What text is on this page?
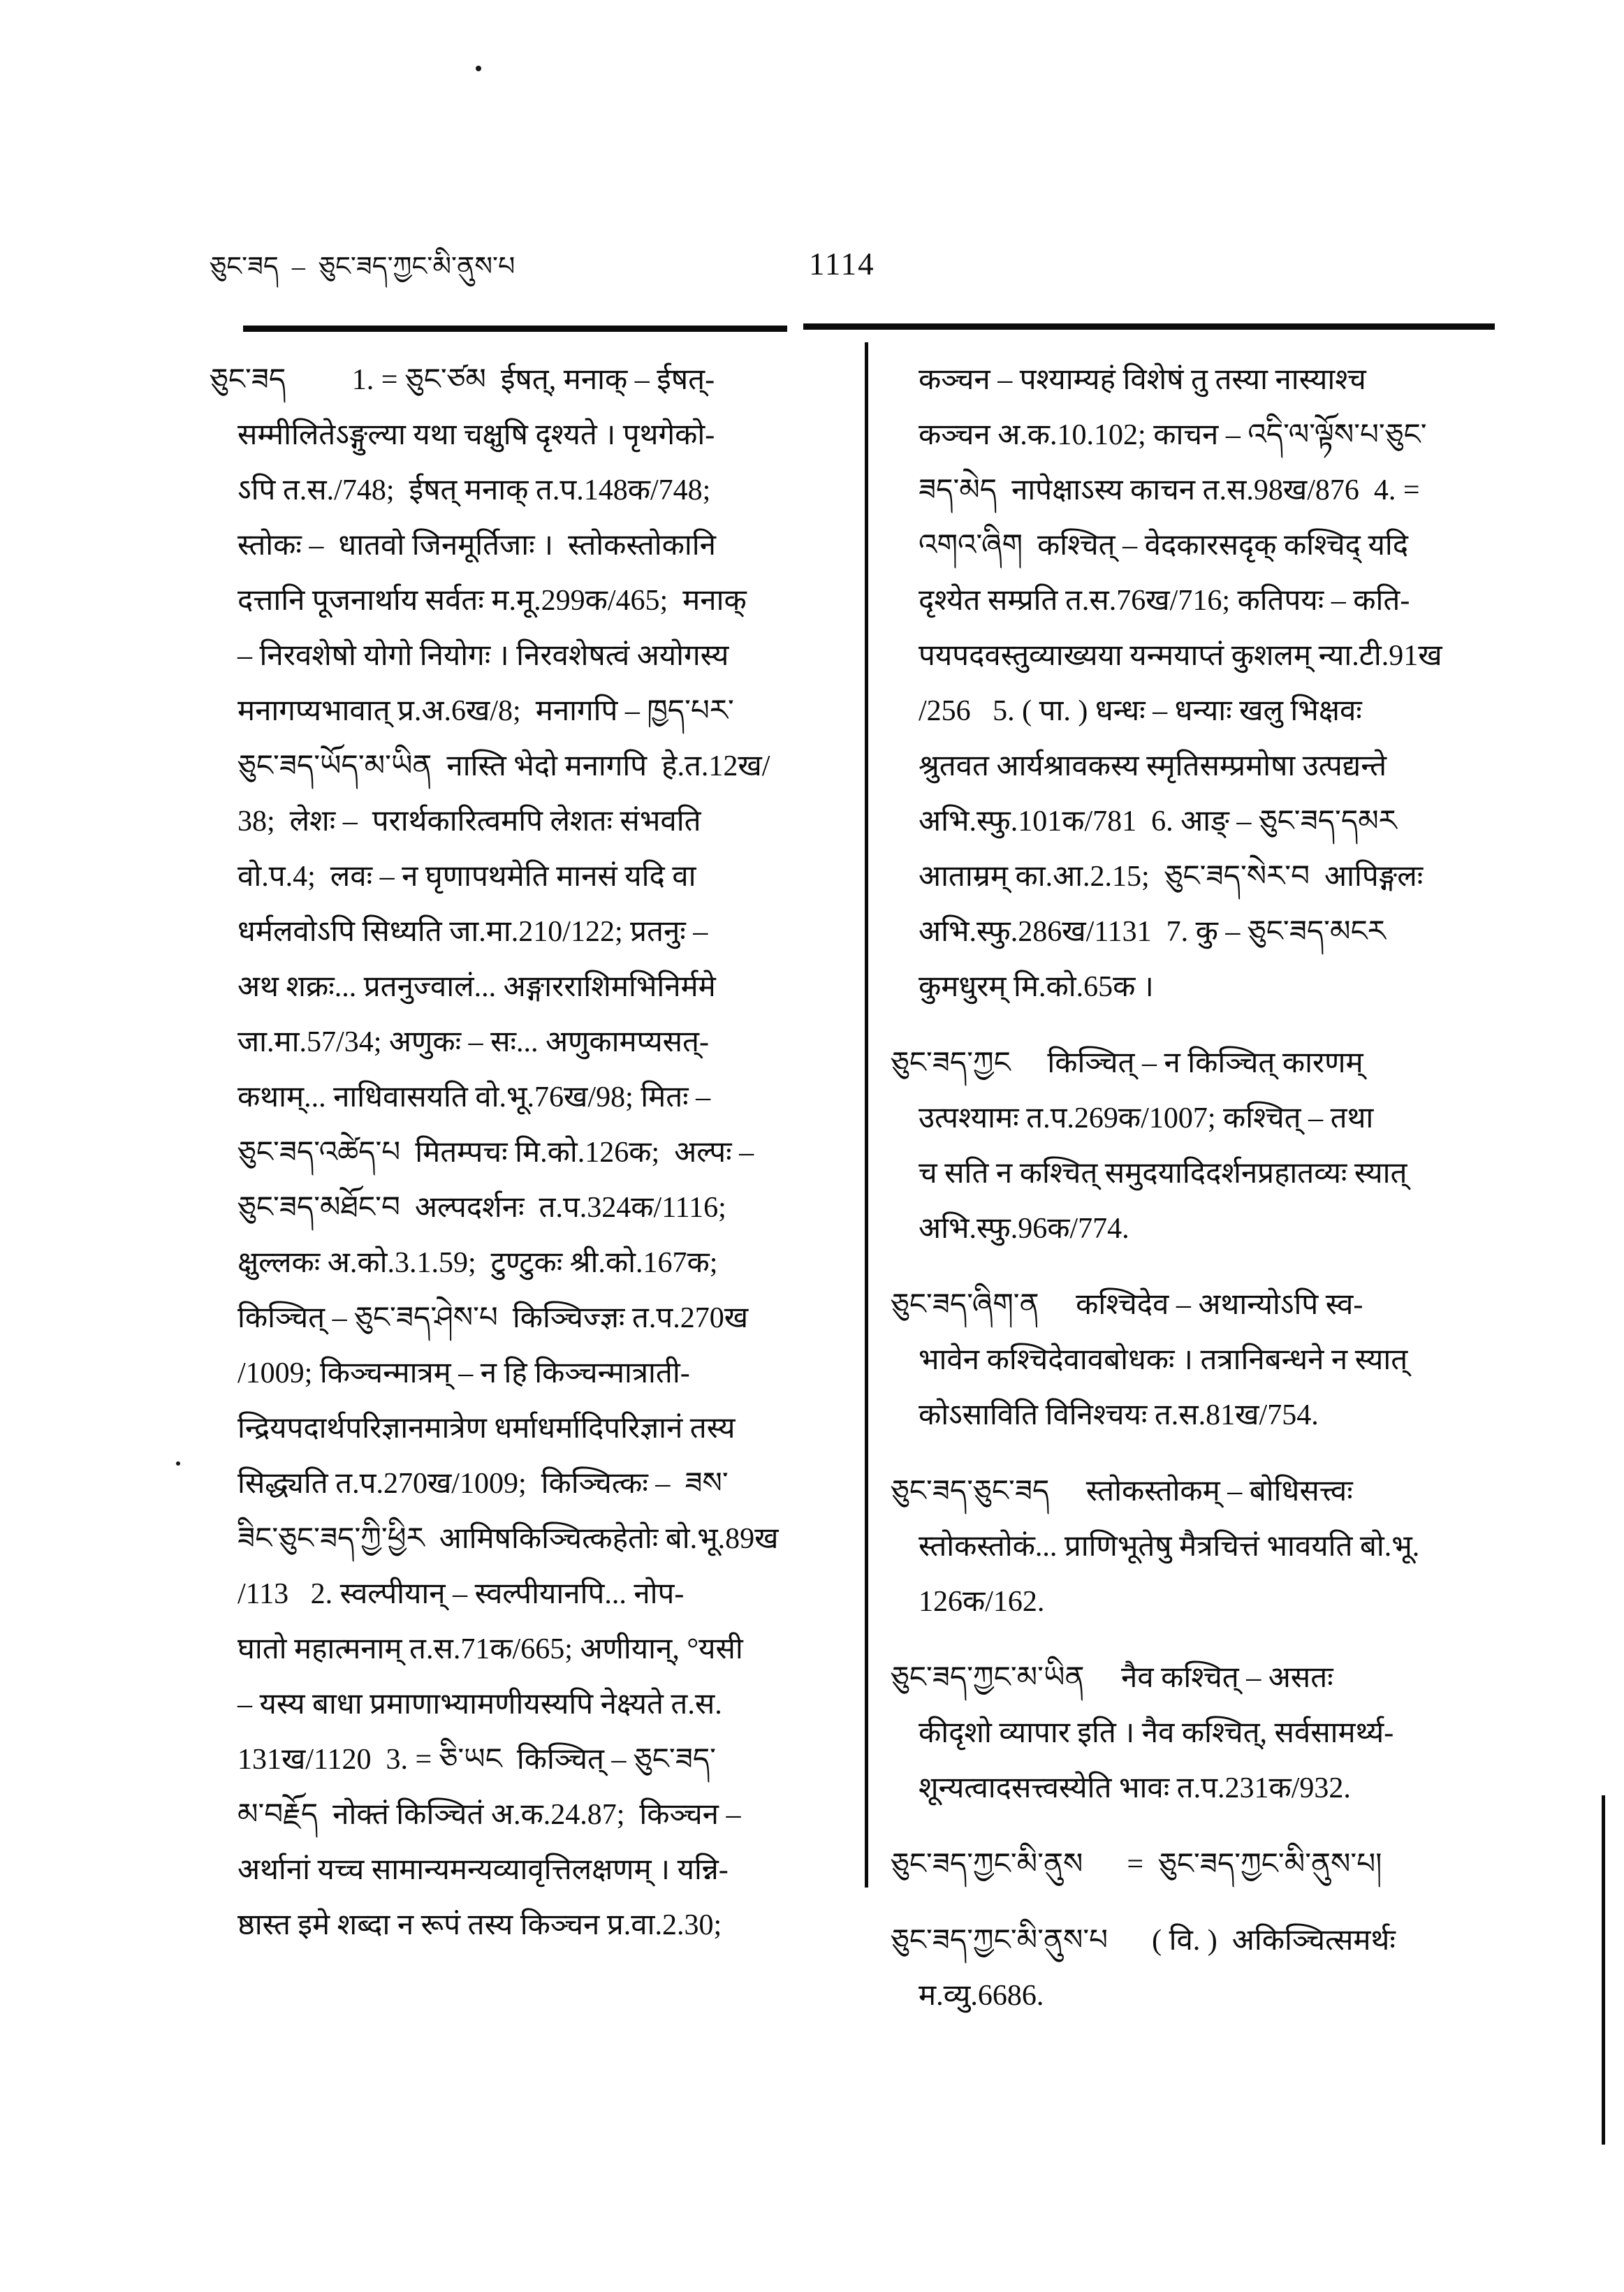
ཅུང་ཟད  –  ཅུང་ཟད་ཀྱང་མི་ནུས་པ	1114
ཅུང་ཟད         1. = ཅུང་ཙམ  ईषत्, मनाक् – ईषत्-
सम्मीलितेऽङ्गुल्या यथा चक्षुषि दृश्यते । पृथगेको-
ऽपि त.स./748;  ईषत् मनाक् त.प.148क/748;
स्तोकः –  धातवो जिनमूर्तिजाः ।  स्तोकस्तोकानि
दत्तानि पूजनार्थाय सर्वतः म.मू.299क/465;  मनाक्
– निरवशेषो योगो नियोगः । निरवशेषत्वं अयोगस्य
मनागप्यभावात् प्र.अ.6ख/8;  मनागपि – ཁྱད་པར་
ཅུང་ཟད་ཡོད་མ་ཡིན  नास्ति भेदो मनागपि  हे.त.12ख/
38;  लेशः –  परार्थकारित्वमपि लेशतः संभवति
वो.प.4;  लवः – न घृणापथमेति मानसं यदि वा
धर्मलवोऽपि सिध्यति जा.मा.210/122; प्रतनुः –
अथ शक्रः... प्रतनुज्वालं... अङ्गारराशिमभिनिर्ममे
जा.मा.57/34; अणुकः – सः... अणुकामप्यसत्-
कथाम्... नाधिवासयति वो.भू.76ख/98; मितः –
ཅུང་ཟད་འཚེད་པ  मितम्पचः मि.को.126क;  अल्पः –
ཅུང་ཟད་མཐོང་བ  अल्पदर्शनः  त.प.324क/1116;
क्षुल्लकः अ.को.3.1.59;  टुण्टुकः श्री.को.167क;
किञ्चित् – ཅུང་ཟད་ཤེས་པ  किञ्चिज्ज्ञः त.प.270ख
/1009; किञ्चन्मात्रम् – न हि किञ्चन्मात्राती-
न्द्रियपदार्थपरिज्ञानमात्रेण धर्माधर्मादिपरिज्ञानं तस्य
सिद्ध्यति त.प.270ख/1009;  किञ्चित्कः –  ཟས་
ཟིང་ཅུང་ཟད་ཀྱི་ཕྱིར  आमिषकिञ्चित्कहेतोः बो.भू.89ख
/113   2. स्वल्पीयान् – स्वल्पीयानपि... नोप-
घातो महात्मनाम् त.स.71क/665; अणीयान्, °यसी
– यस्य बाधा प्रमाणाभ्यामणीयस्यपि नेक्ष्यते त.स.
131ख/1120  3. = ཅི་ཡང  किञ्चित् – ཅུང་ཟད་
མ་བརྗོད  नोक्तं किञ्चितं अ.क.24.87;  किञ्चन –
अर्थानां यच्च सामान्यमन्यव्यावृत्तिलक्षणम् । यन्नि-
ष्ठास्त इमे शब्दा न रूपं तस्य किञ्चन प्र.वा.2.30;
कञ्चन – पश्याम्यहं विशेषं तु तस्या नास्याश्च
कञ्चन अ.क.10.102; काचन – འདི་ལ་ལྟོས་པ་ཅུང་
ཟད་མེད  नापेक्षाऽस्य काचन त.स.98ख/876  4. =
འགའ་ཞིག  कश्चित् – वेदकारसदृक् कश्चिद् यदि
दृश्येत सम्प्रति त.स.76ख/716; कतिपयः – कति-
पयपदवस्तुव्याख्यया यन्मयाप्तं कुशलम् न्या.टी.91ख
/256   5. ( पा. ) धन्धः – धन्याः खलु भिक्षवः
श्रुतवत आर्यश्रावकस्य स्मृतिसम्प्रमोषा उत्पद्यन्ते
अभि.स्फु.101क/781  6. आङ् – ཅུང་ཟད་དམར
आताम्रम् का.आ.2.15;  ཅུང་ཟད་སེར་བ  आपिङ्गलः
अभि.स्फु.286ख/1131  7. कु – ཅུང་ཟད་མངར
कुमधुरम् मि.को.65क ।
ཅུང་ཟད་ཀྱང     किञ्चित् – न किञ्चित् कारणम्
उत्पश्यामः त.प.269क/1007; कश्चित् – तथा
च सति न कश्चित् समुदयादिदर्शनप्रहातव्यः स्यात्
अभि.स्फु.96क/774.
ཅུང་ཟད་ཞིག་ན     कश्चिदेव – अथान्योऽपि स्व-
भावेन कश्चिदेवावबोधकः । तत्रानिबन्धने न स्यात्
कोऽसाविति विनिश्चयः त.स.81ख/754.
ཅུང་ཟད་ཅུང་ཟད     स्तोकस्तोकम् – बोधिसत्त्वः
स्तोकस्तोकं... प्राणिभूतेषु मैत्रचित्तं भावयति बो.भू.
126क/162.
ཅུང་ཟད་ཀྱང་མ་ཡིན     नैव कश्चित् – असतः
कीदृशो व्यापार इति । नैव कश्चित्, सर्वसामर्थ्य-
शून्यत्वादसत्त्वस्येति भावः त.प.231क/932.
ཅུང་ཟད་ཀྱང་མི་ནུས      =  ཅུང་ཟད་ཀྱང་མི་ནུས་པ།
ཅུང་ཟད་ཀྱང་མི་ནུས་པ      ( वि. )  अकिञ्चित्समर्थः
म.व्यु.6686.
